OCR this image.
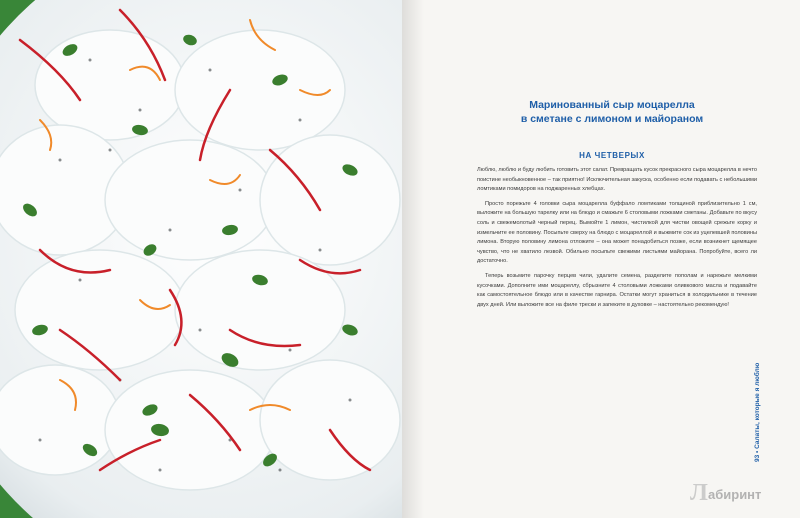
Маринованный сыр моцарелла
в сметане с лимоном и майораном
НА ЧЕТВЕРЫХ

Люблю, люблю и буду любить готовить этот салат. Превращать кусок прекрасного сыра моцарелла в нечто поистине необыкновенное – так приятно! Исключительная закуска, особенно если подавать с небольшими ломтиками помидоров на поджаренных хлебцах.

Просто порежьте 4 головки сыра моцарелла буффало ломтиками толщиной приблизительно 1 см, выложите на большую тарелку или на блюдо и смажьте 6 столовыми ложками сметаны. Добавьте по вкусу соль и свежемолотый черный перец. Вымойте 1 лимон, чистилкой для чистки овощей срежьте корку и измельчите ее половину. Посыпьте сверху на блюдо с моцареллой и выжмите сок из уцелевшей половины лимона. Вторую половину лимона отложите – она может понадобиться позже, если возникнет щемящее чувство, что не хватило лезвой. Обильно посыпьте свежими листьями майорана. Попробуйте, всего ли достаточно.

Теперь возьмите парочку перцев чили, удалите семена, разделите пополам и нарежьте мелкими кусочками. Дополните ими моцареллу, сбрызните 4 столовыми ложками оливкового масла и подавайте как самостоятельное блюдо или в качестве гарнира. Остатки могут храниться в холодильнике в течение двух дней. Или выложите все на филе трески и запеките в духовке – настоятельно рекомендую!

93 • Салаты, которые я люблю
Л абиринт
